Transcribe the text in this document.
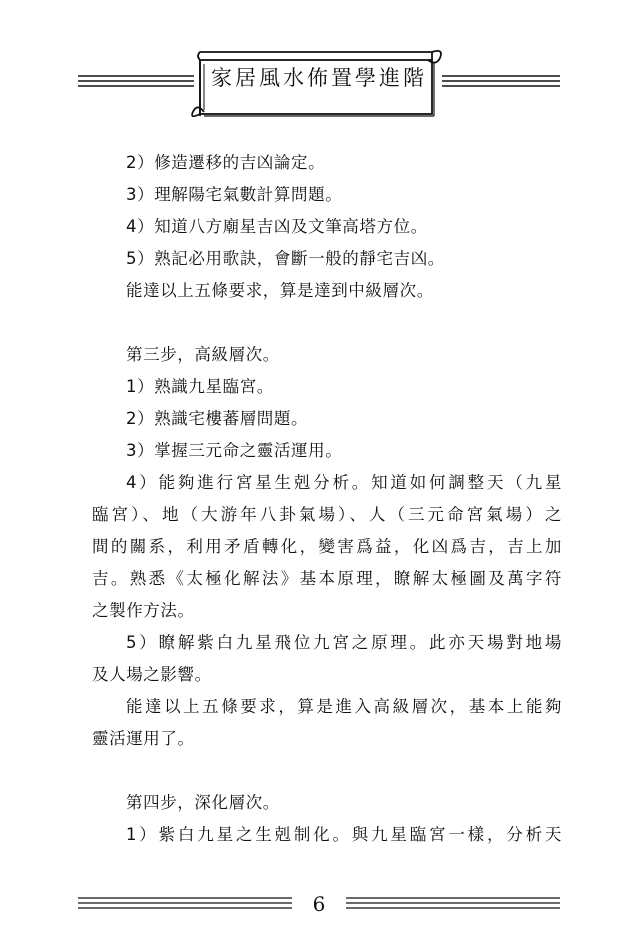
家居風水佈置學進階
2）修造遷移的吉凶論定。
3）理解陽宅氣數計算問題。
4）知道八方廟星吉凶及文筆高塔方位。
5）熟記必用歌訣，會斷一般的靜宅吉凶。
能達以上五條要求，算是達到中級層次。
第三步，高級層次。
1）熟識九星臨宮。
2）熟識宅樓蕃層問題。
3）掌握三元命之靈活運用。
4）能夠進行宮星生剋分析。知道如何調整天（九星
臨宮）、地（大游年八卦氣場）、人（三元命宮氣場）之
間的關系，利用矛盾轉化，變害爲益，化凶爲吉，吉上加
吉。熟悉《太極化解法》基本原理，瞭解太極圖及萬字符
之製作方法。
5）瞭解紫白九星飛位九宮之原理。此亦天場對地場
及人場之影響。
能達以上五條要求，算是進入高級層次，基本上能夠
靈活運用了。
第四步，深化層次。
1）紫白九星之生剋制化。與九星臨宮一樣，分析天
6
